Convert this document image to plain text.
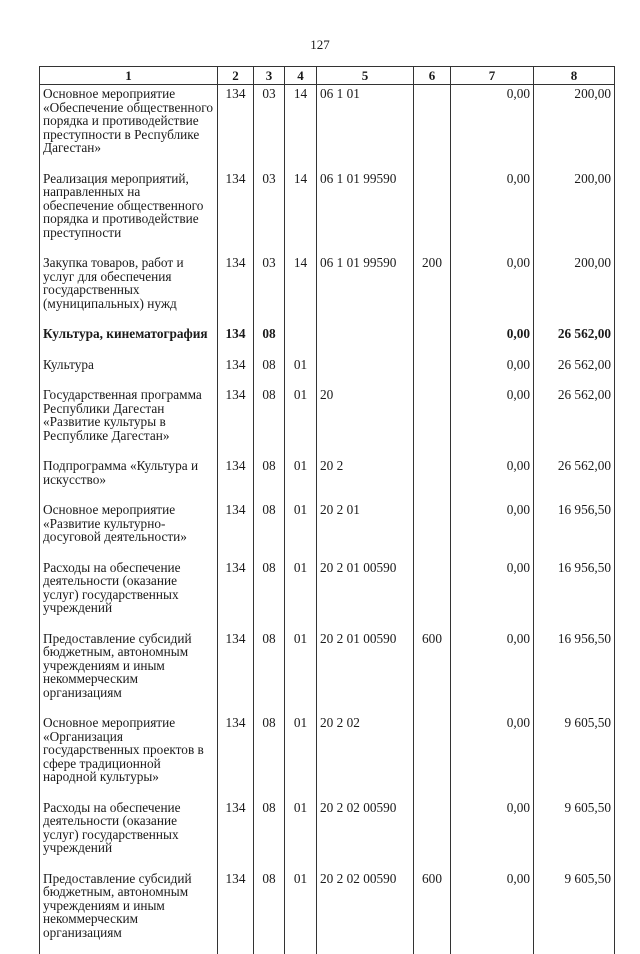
127
1	2	3	4	5	6	7	8
Основное мероприятие «Обеспечение общественного порядка и противодействие преступности в Республике Дагестан»	134	03	14	06 1 01		0,00	200,00
Реализация мероприятий, направленных на обеспечение общественного порядка и противодействие преступности	134	03	14	06 1 01 99590		0,00	200,00
Закупка товаров, работ и услуг для обеспечения государственных (муниципальных) нужд	134	03	14	06 1 01 99590	200	0,00	200,00
Культура, кинематография	134	08				0,00	26 562,00
Культура	134	08	01			0,00	26 562,00
Государственная программа Республики Дагестан «Развитие культуры в Республике Дагестан»	134	08	01	20		0,00	26 562,00
Подпрограмма «Культура и искусство»	134	08	01	20 2		0,00	26 562,00
Основное мероприятие «Развитие культурно-досуговой деятельности»	134	08	01	20 2 01		0,00	16 956,50
Расходы на обеспечение деятельности (оказание услуг) государственных учреждений	134	08	01	20 2 01 00590		0,00	16 956,50
Предоставление субсидий бюджетным, автономным учреждениям и иным некоммерческим организациям	134	08	01	20 2 01 00590	600	0,00	16 956,50
Основное мероприятие «Организация государственных проектов в сфере традиционной народной культуры»	134	08	01	20 2 02		0,00	9 605,50
Расходы на обеспечение деятельности (оказание услуг) государственных учреждений	134	08	01	20 2 02 00590		0,00	9 605,50
Предоставление субсидий бюджетным, автономным учреждениям и иным некоммерческим организациям	134	08	01	20 2 02 00590	600	0,00	9 605,50
